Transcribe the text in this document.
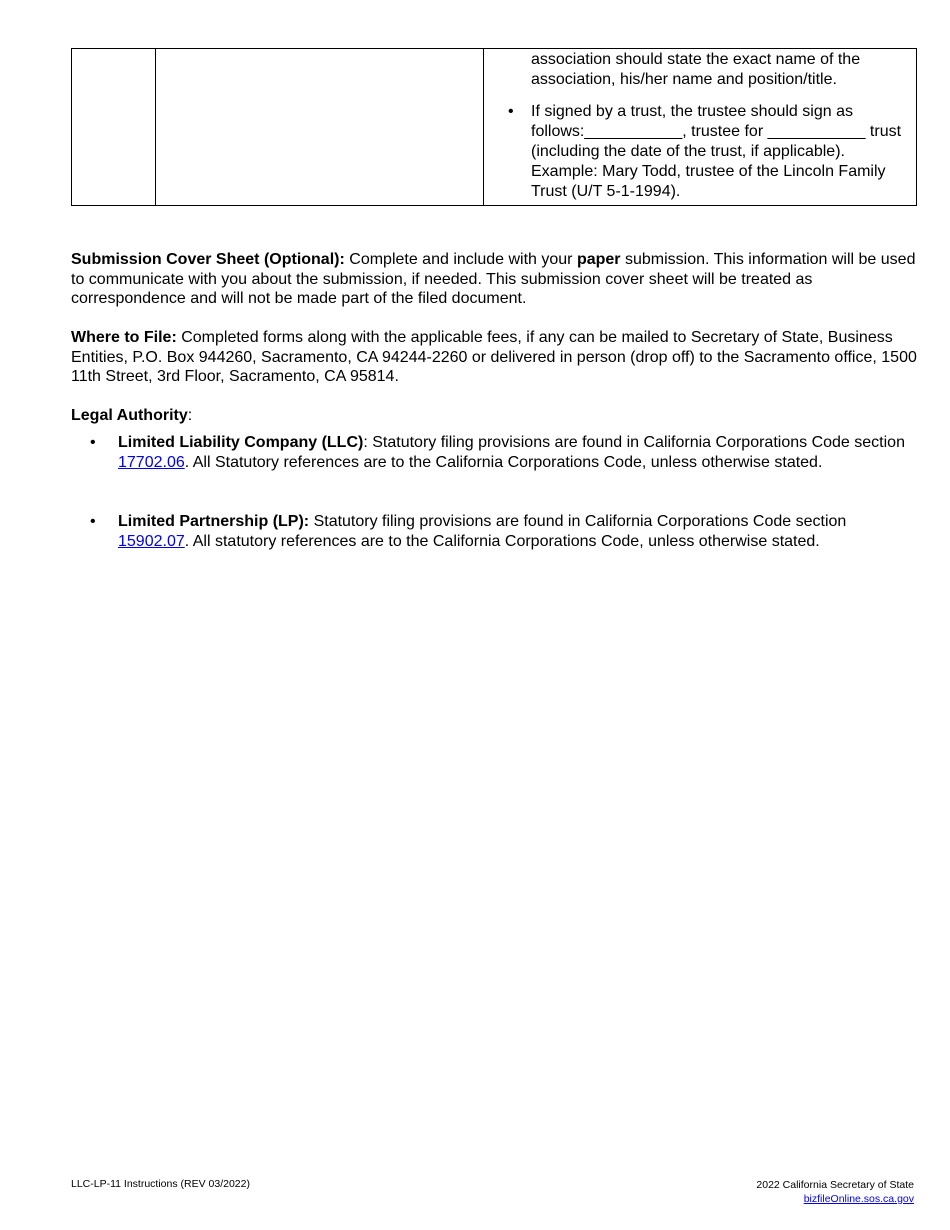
association should state the exact name of the association, his/her name and position/title.
• If signed by a trust, the trustee should sign as follows:___________, trustee for ___________ trust (including the date of the trust, if applicable). Example: Mary Todd, trustee of the Lincoln Family Trust (U/T 5-1-1994).
Submission Cover Sheet (Optional): Complete and include with your paper submission. This information will be used to communicate with you about the submission, if needed. This submission cover sheet will be treated as correspondence and will not be made part of the filed document.
Where to File: Completed forms along with the applicable fees, if any can be mailed to Secretary of State, Business Entities, P.O. Box 944260, Sacramento, CA 94244-2260 or delivered in person (drop off) to the Sacramento office, 1500 11th Street, 3rd Floor, Sacramento, CA 95814.
Legal Authority:
• Limited Liability Company (LLC): Statutory filing provisions are found in California Corporations Code section 17702.06. All Statutory references are to the California Corporations Code, unless otherwise stated.
• Limited Partnership (LP): Statutory filing provisions are found in California Corporations Code section 15902.07. All statutory references are to the California Corporations Code, unless otherwise stated.
LLC-LP-11 Instructions (REV 03/2022)	2022 California Secretary of State
bizfileOnline.sos.ca.gov
